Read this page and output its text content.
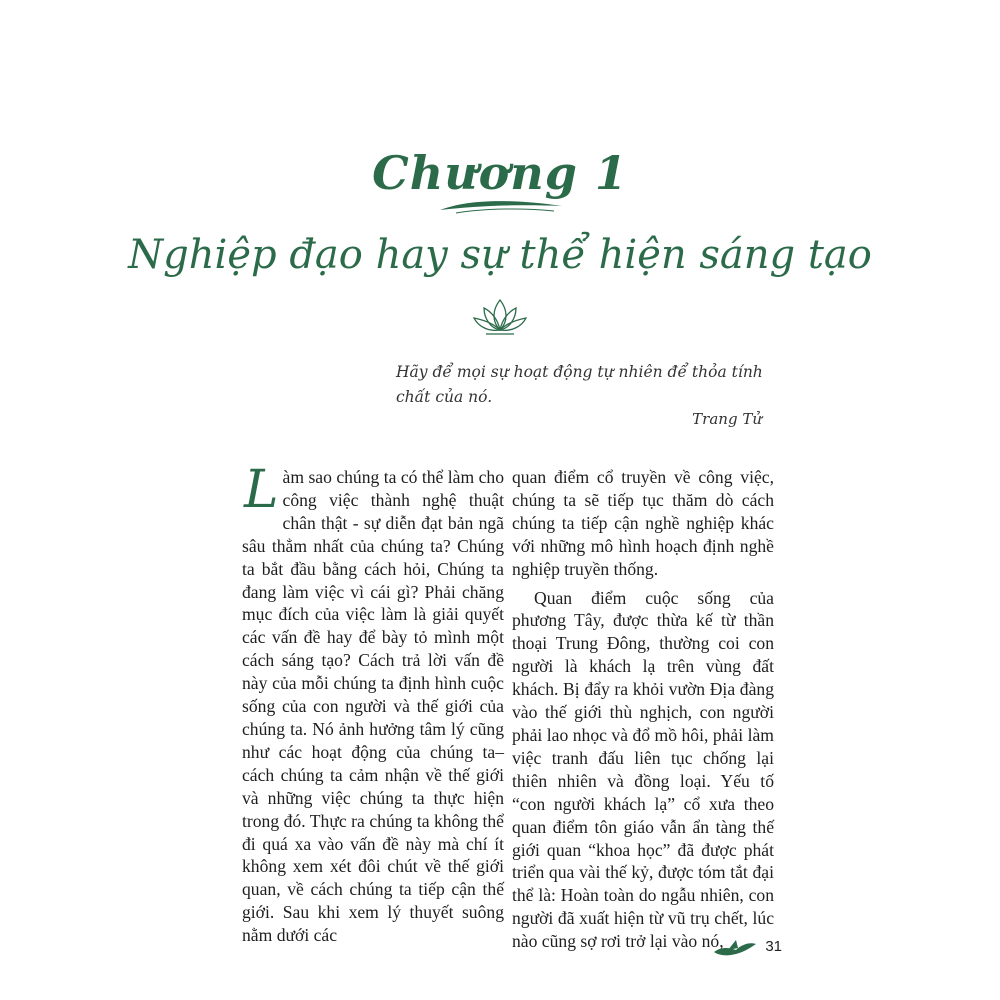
Chương 1
Nghiệp đạo hay sự thể hiện sáng tạo

Hãy để mọi sự hoạt động tự nhiên để thỏa tính chất của nó.

Trang Tử

Làm sao chúng ta có thể làm cho công việc thành nghệ thuật chân thật - sự diễn đạt bản ngã sâu thẳm nhất của chúng ta? Chúng ta bắt đầu bằng cách hỏi, Chúng ta đang làm việc vì cái gì? Phải chăng mục đích của việc làm là giải quyết các vấn đề hay để bày tỏ mình một cách sáng tạo? Cách trả lời vấn đề này của mỗi chúng ta định hình cuộc sống của con người và thế giới của chúng ta. Nó ảnh hưởng tâm lý cũng như các hoạt động của chúng ta–cách chúng ta cảm nhận về thế giới và những việc chúng ta thực hiện trong đó. Thực ra chúng ta không thể đi quá xa vào vấn đề này mà chí ít không xem xét đôi chút về thế giới quan, về cách chúng ta tiếp cận thế giới. Sau khi xem lý thuyết suông nằm dưới các

quan điểm cổ truyền về công việc, chúng ta sẽ tiếp tục thăm dò cách chúng ta tiếp cận nghề nghiệp khác với những mô hình hoạch định nghề nghiệp truyền thống.

Quan điểm cuộc sống của phương Tây, được thừa kế từ thần thoại Trung Đông, thường coi con người là khách lạ trên vùng đất khách. Bị đẩy ra khỏi vườn Địa đàng vào thế giới thù nghịch, con người phải lao nhọc và đổ mồ hôi, phải làm việc tranh đấu liên tục chống lại thiên nhiên và đồng loại. Yếu tố “con người khách lạ” cổ xưa theo quan điểm tôn giáo vẫn ẩn tàng thế giới quan “khoa học” đã được phát triển qua vài thế kỷ, được tóm tắt đại thể là: Hoàn toàn do ngẫu nhiên, con người đã xuất hiện từ vũ trụ chết, lúc nào cũng sợ rơi trở lại vào nó,	31
